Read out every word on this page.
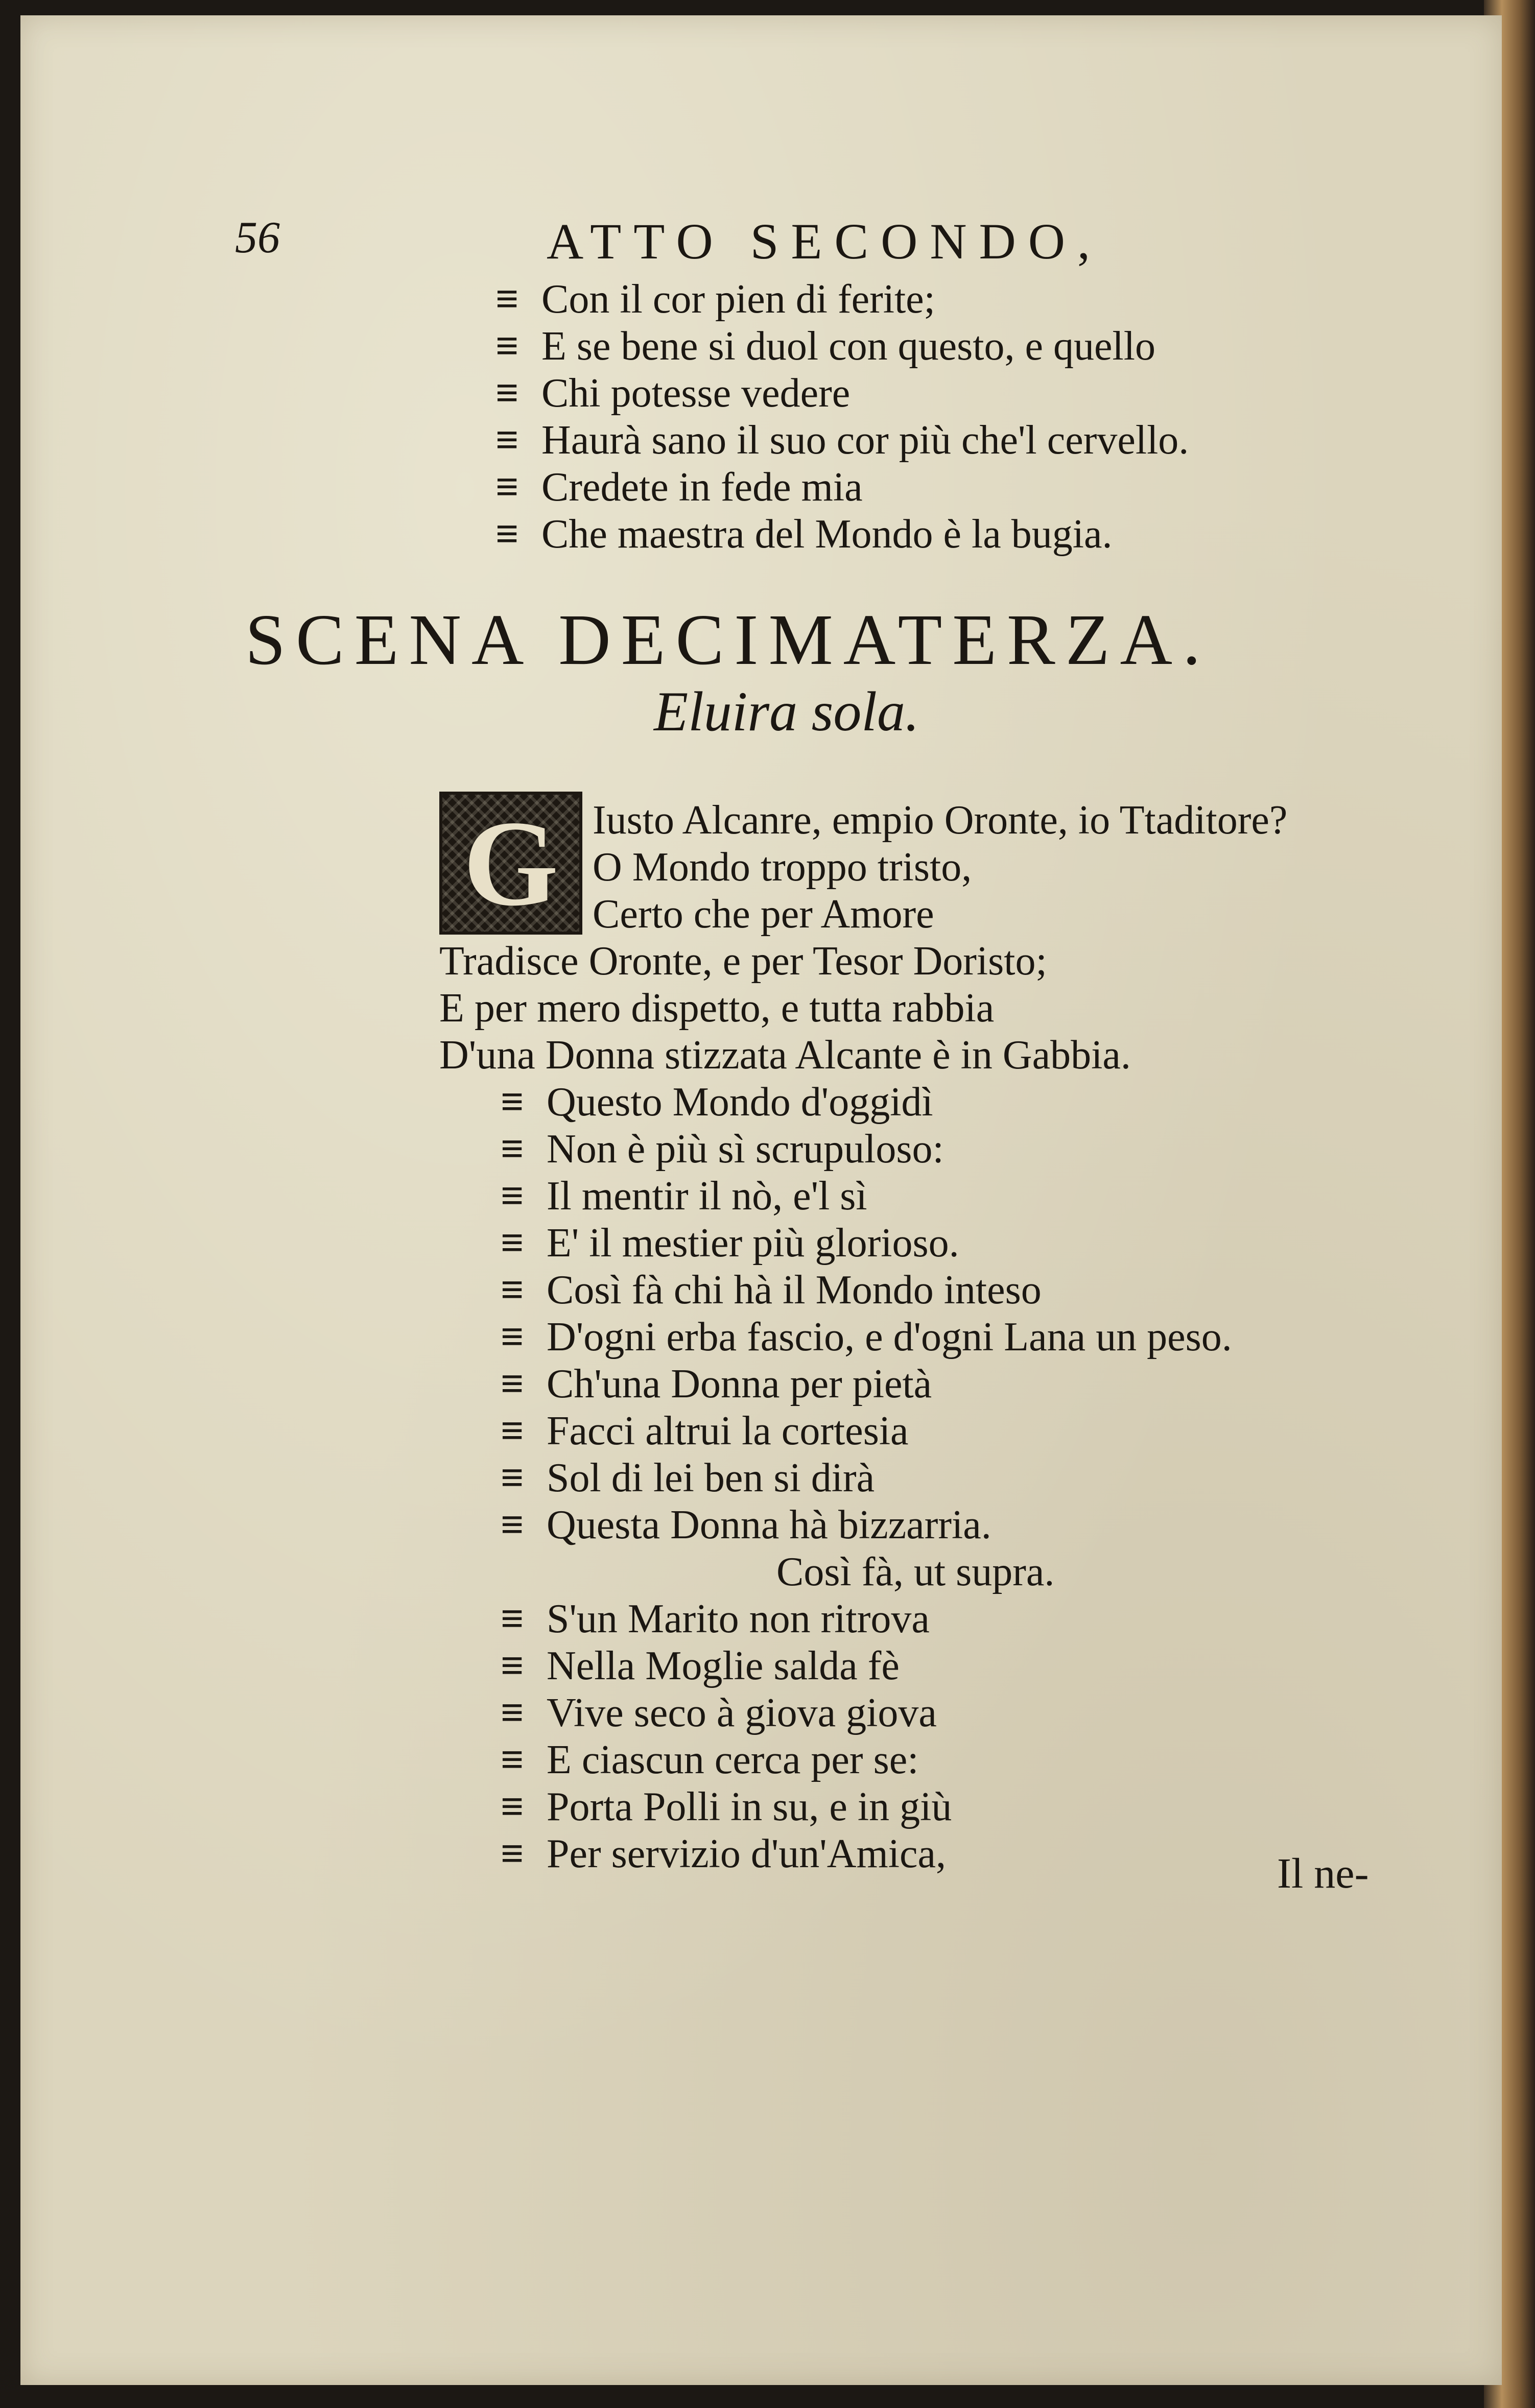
56	ATTO SECONDO,
≡ Con il cor pien di ferite;
≡ E se bene si duol con questo, e quello
≡ Chi potesse vedere
≡ Haurà sano il suo cor più che'l cervello.
≡ Credete in fede mia
≡ Che maestra del Mondo è la bugia.
SCENA DECIMATERZA.
Eluira sola.
G Iusto Alcanre, empio Oronte, io Ttaditore?
O Mondo troppo tristo,
Certo che per Amore
Tradisce Oronte, e per Tesor Doristo;
E per mero dispetto, e tutta rabbia
D'una Donna stizzata Alcante è in Gabbia.
≡ Questo Mondo d'oggidì
≡ Non è più sì scrupuloso:
≡ Il mentir il nò, e'l sì
≡ E' il mestier più glorioso.
≡ Così fà chi hà il Mondo inteso
≡ D'ogni erba fascio, e d'ogni Lana un peso.
≡ Ch'una Donna per pietà
≡ Facci altrui la cortesia
≡ Sol di lei ben si dirà
≡ Questa Donna hà bizzarria.
Così fà, ut supra.
≡ S'un Marito non ritrova
≡ Nella Moglie salda fè
≡ Vive seco à giova giova
≡ E ciascun cerca per se:
≡ Porta Polli in su, e in giù
≡ Per servizio d'un'Amica,	Il ne-
